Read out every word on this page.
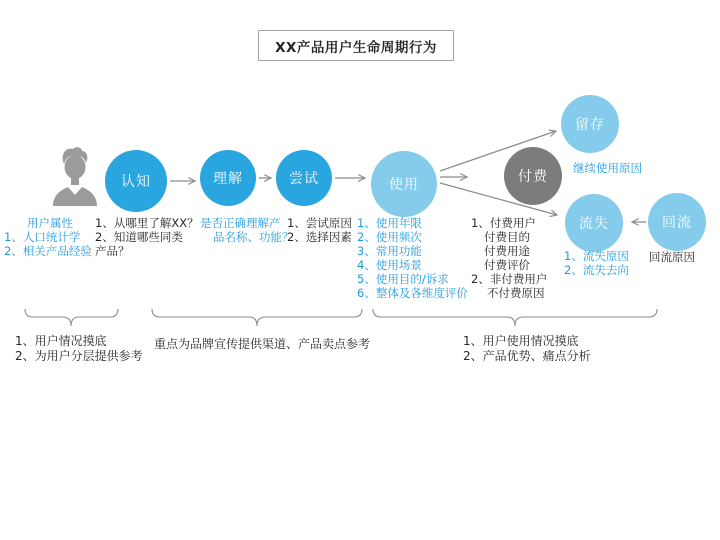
XX产品用户生命周期行为
认知	理解	尝试	使用	付费
留存
流失	回流
用户属性
1、人口统计学
2、相关产品经验
1、从哪里了解XX？
2、知道哪些同类
产品？
是否正确理解产
品名称、功能？
1、尝试原因
2、选择因素
1、使用年限
2、使用频次
3、常用功能
4、使用场景
5、使用目的/诉求
6、整体及各维度评价
1、付费用户
付费目的
付费用途
付费评价
2、非付费用户
不付费原因
继续使用原因
1、流失原因
2、流失去向
回流原因
1、用户情况摸底
2、为用户分层提供参考
重点为品牌宣传提供渠道、产品卖点参考	1、用户使用情况摸底
2、产品优势、痛点分析
